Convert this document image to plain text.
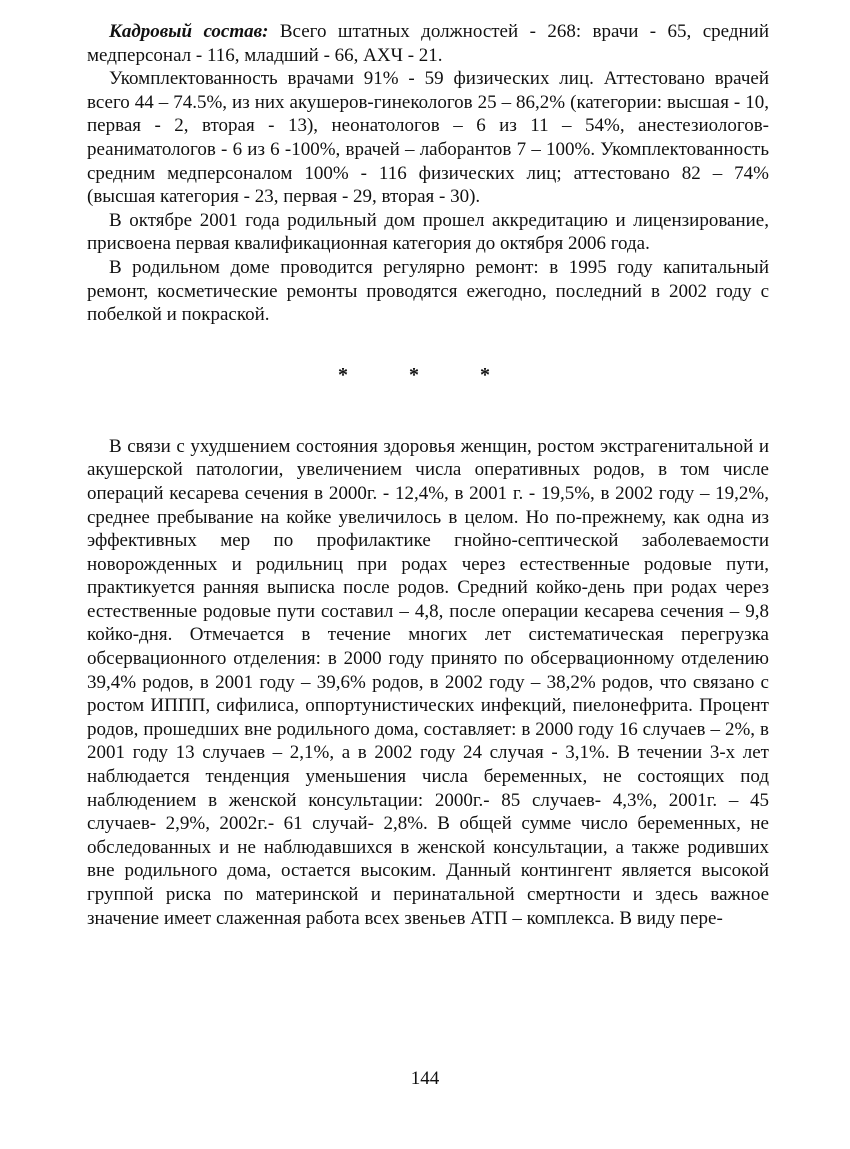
Кадровый состав: Всего штатных должностей - 268: врачи - 65, средний медперсонал - 116, младший - 66, АХЧ - 21.

Укомплектованность врачами 91% - 59 физических лиц. Аттестовано врачей всего 44 – 74.5%, из них акушеров-гинекологов 25 – 86,2% (категории: высшая - 10, первая - 2, вторая - 13), неонатологов – 6 из 11 – 54%, анестезиологов-реаниматологов - 6 из 6 -100%, врачей – лаборантов 7 – 100%. Укомплектованность средним медперсоналом 100% - 116 физических лиц; аттестовано 82 – 74% (высшая категория - 23, первая - 29, вторая - 30).

В октябре 2001 года родильный дом прошел аккредитацию и лицензирование, присвоена первая квалификационная категория до октября 2006 года.

В родильном доме проводится регулярно ремонт: в 1995 году капитальный ремонт, косметические ремонты проводятся ежегодно, последний в 2002 году с побелкой и покраской.

* * *

В связи с ухудшением состояния здоровья женщин, ростом экстрагенитальной и акушерской патологии, увеличением числа оперативных родов, в том числе операций кесарева сечения в 2000г. - 12,4%, в 2001 г. - 19,5%, в 2002 году – 19,2%, среднее пребывание на койке увеличилось в целом. Но по-прежнему, как одна из эффективных мер по профилактике гнойно-септической заболеваемости новорожденных и родильниц при родах через естественные родовые пути, практикуется ранняя выписка после родов. Средний койко-день при родах через естественные родовые пути составил – 4,8, после операции кесарева сечения – 9,8 койко-дня. Отмечается в течение многих лет систематическая перегрузка обсервационного отделения: в 2000 году принято по обсервационному отделению 39,4% родов, в 2001 году – 39,6% родов, в 2002 году – 38,2% родов, что связано с ростом ИППП, сифилиса, оппортунистических инфекций, пиелонефрита. Процент родов, прошедших вне родильного дома, составляет: в 2000 году 16 случаев – 2%, в 2001 году 13 случаев – 2,1%, а в 2002 году 24 случая - 3,1%. В течении 3-х лет наблюдается тенденция уменьшения числа беременных, не состоящих под наблюдением в женской консультации: 2000г.- 85 случаев- 4,3%, 2001г. – 45 случаев- 2,9%, 2002г.- 61 случай- 2,8%. В общей сумме число беременных, не обследованных и не наблюдавшихся в женской консультации, а также родивших вне родильного дома, остается высоким. Данный контингент является высокой группой риска по материнской и перинатальной смертности и здесь важное значение имеет слаженная работа всех звеньев АТП – комплекса. В виду пере-

144
